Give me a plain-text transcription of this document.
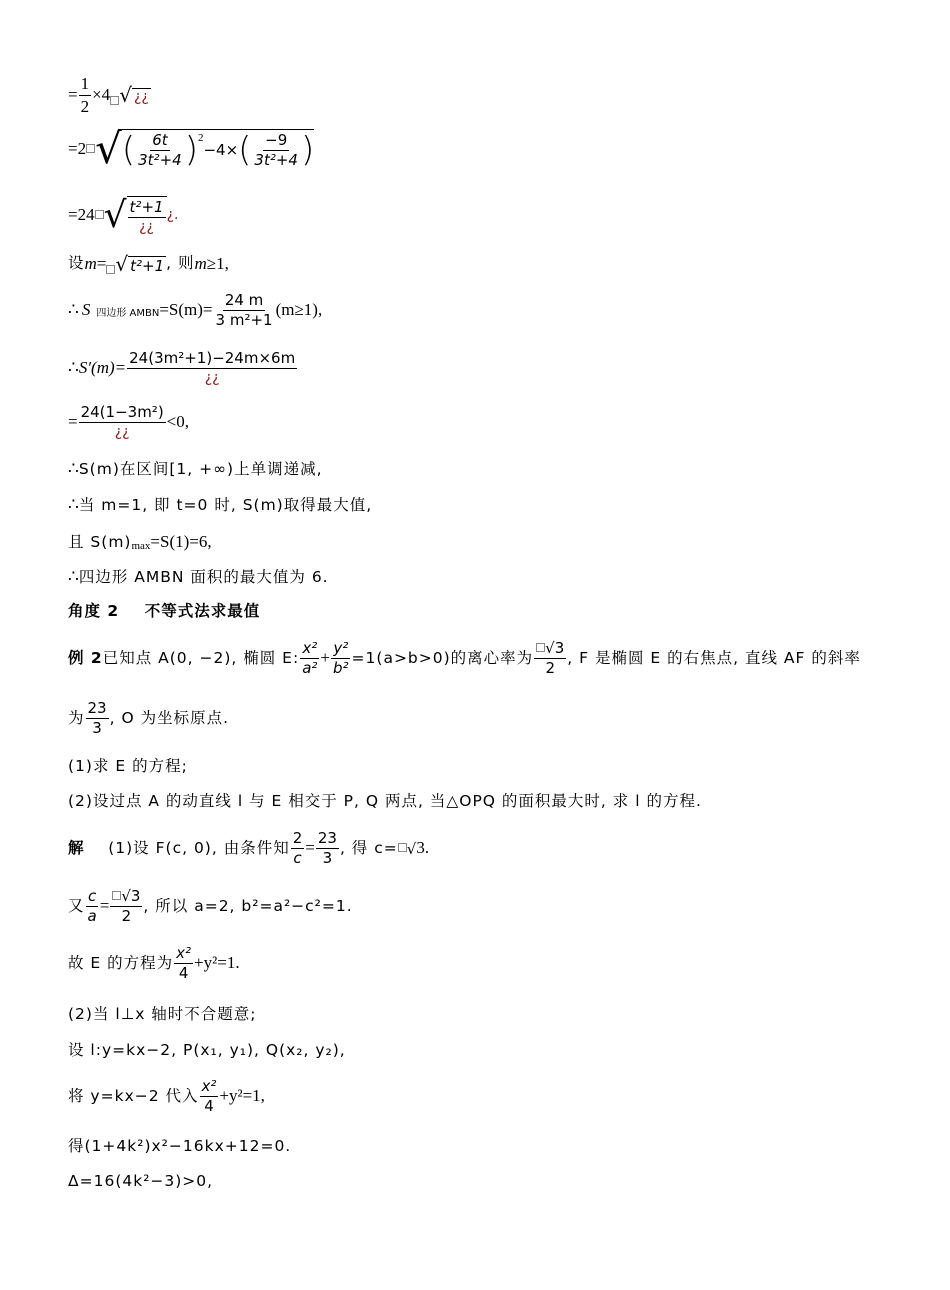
= $\frac{1}{2} \times 4$ √ ¿¿
=2 √ ( $\frac{6t}{\text{3t²+4}} )^2$
−4× ( $\frac{-9}{\text{3t²+4}}$ )
=24 √ $\frac{\text{t²+1}}{¿¿}$ ¿.
设 m = √ t²+1 , 则 m ≥1,
∴ S 四边形 AMBN $=S(m)= \frac{24 m}{\text{3 m²+1}} (m\ge 1)$,
∴ $S'(m)= \frac{\text{24(3m²+1)−24m×6m}}{¿¿}$
= $\frac{\text{24(1−3m²)}}{¿¿} <0$,
∴ S(m)在区间[1, +∞)上单调递减,
∴ 当 m=1, 即 t=0 时, S(m)取得最大值,
且 $S(m)_{max} =S(1)=6$,
∴ 四边形 AMBN 面积的最大值为 6.
角度 2    不等式法求最值
例 2 已知点 A(0, −2), 椭圆 E: $\frac{\text{x²}}{\text{a²}} + \frac{\text{y²}}{\text{b²}} =1(a>b>0)$的离心率为 $\frac{√ 3}{2}$ , F 是椭圆 E 的右焦点, 直线 AF 的斜率
为 $\frac{23}{3}$ , O 为坐标原点.
(1)求 E 的方程;
(2)设过点 A 的动直线 l 与 E 相交于 P, Q 两点, 当△OPQ 的面积最大时, 求 l 的方程.
解 (1)设 F(c, 0), 由条件知 $\frac{2}{c} = \frac{23}{3}$ , 得 c= √ 3.
又 $\frac{c}{a} = \frac{√ 3}{2}$ , 所以 a=2, b²=a²−c²=1.
故 E 的方程为 $\frac{\text{x²}}{4} +y^2=1$.
(2)当 l⊥x 轴时不合题意;
设 l:y=kx−2, P(x₁, y₁), Q(x₂, y₂),
将 y=kx−2 代入 $\frac{\text{x²}}{4} +y^2=1$,
得(1+4k²)x²−16kx+12=0.
Δ=16(4k²−3)>0,
